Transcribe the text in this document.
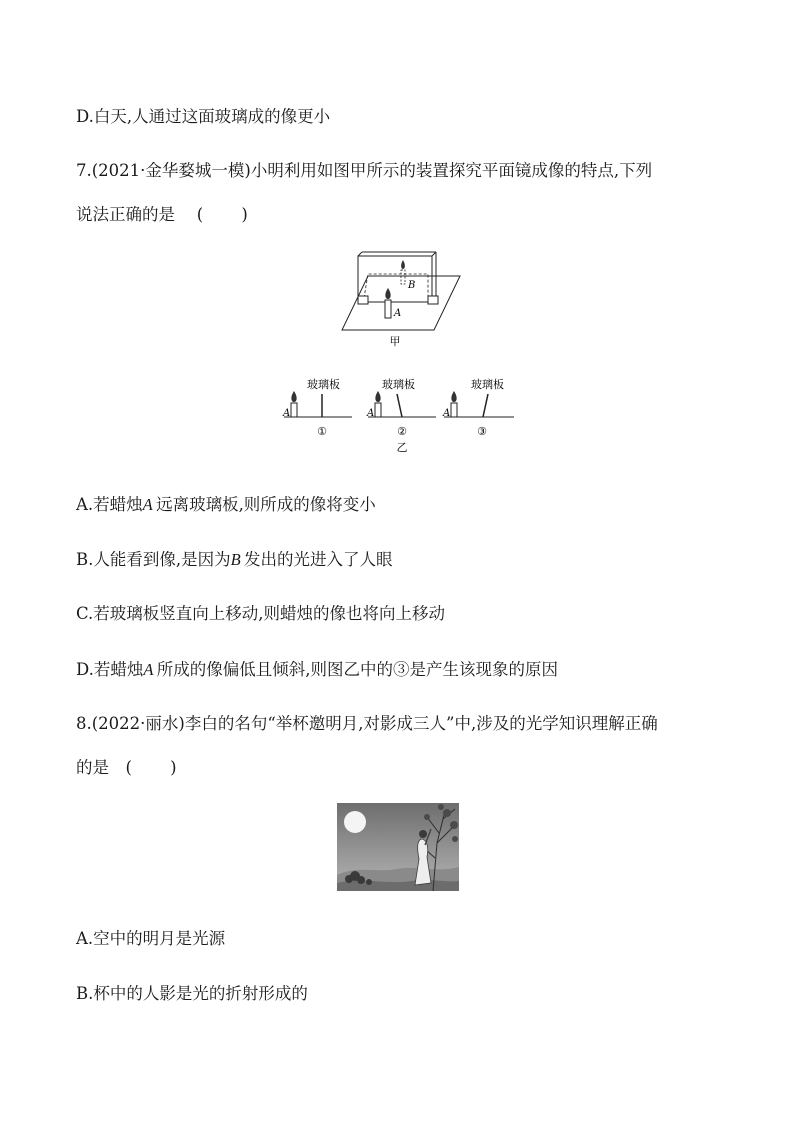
D.白天,人通过这面玻璃成的像更小
7.(2021·金华婺城一模)小明利用如图甲所示的装置探究平面镜成像的特点,下列
说法正确的是　 (　　 )
B
A
甲
A
玻璃板
①
A
玻璃板
②
A
玻璃板
③
乙
A.若蜡烛A  远离玻璃板,则所成的像将变小
B.人能看到像,是因为B  发出的光进入了人眼
C.若玻璃板竖直向上移动,则蜡烛的像也将向上移动
D.若蜡烛A  所成的像偏低且倾斜,则图乙中的③是产生该现象的原因
8.(2022·丽水)李白的名句“举杯邀明月,对影成三人”中,涉及的光学知识理解正确
的是　(　　 )
A.空中的明月是光源
B.杯中的人影是光的折射形成的
